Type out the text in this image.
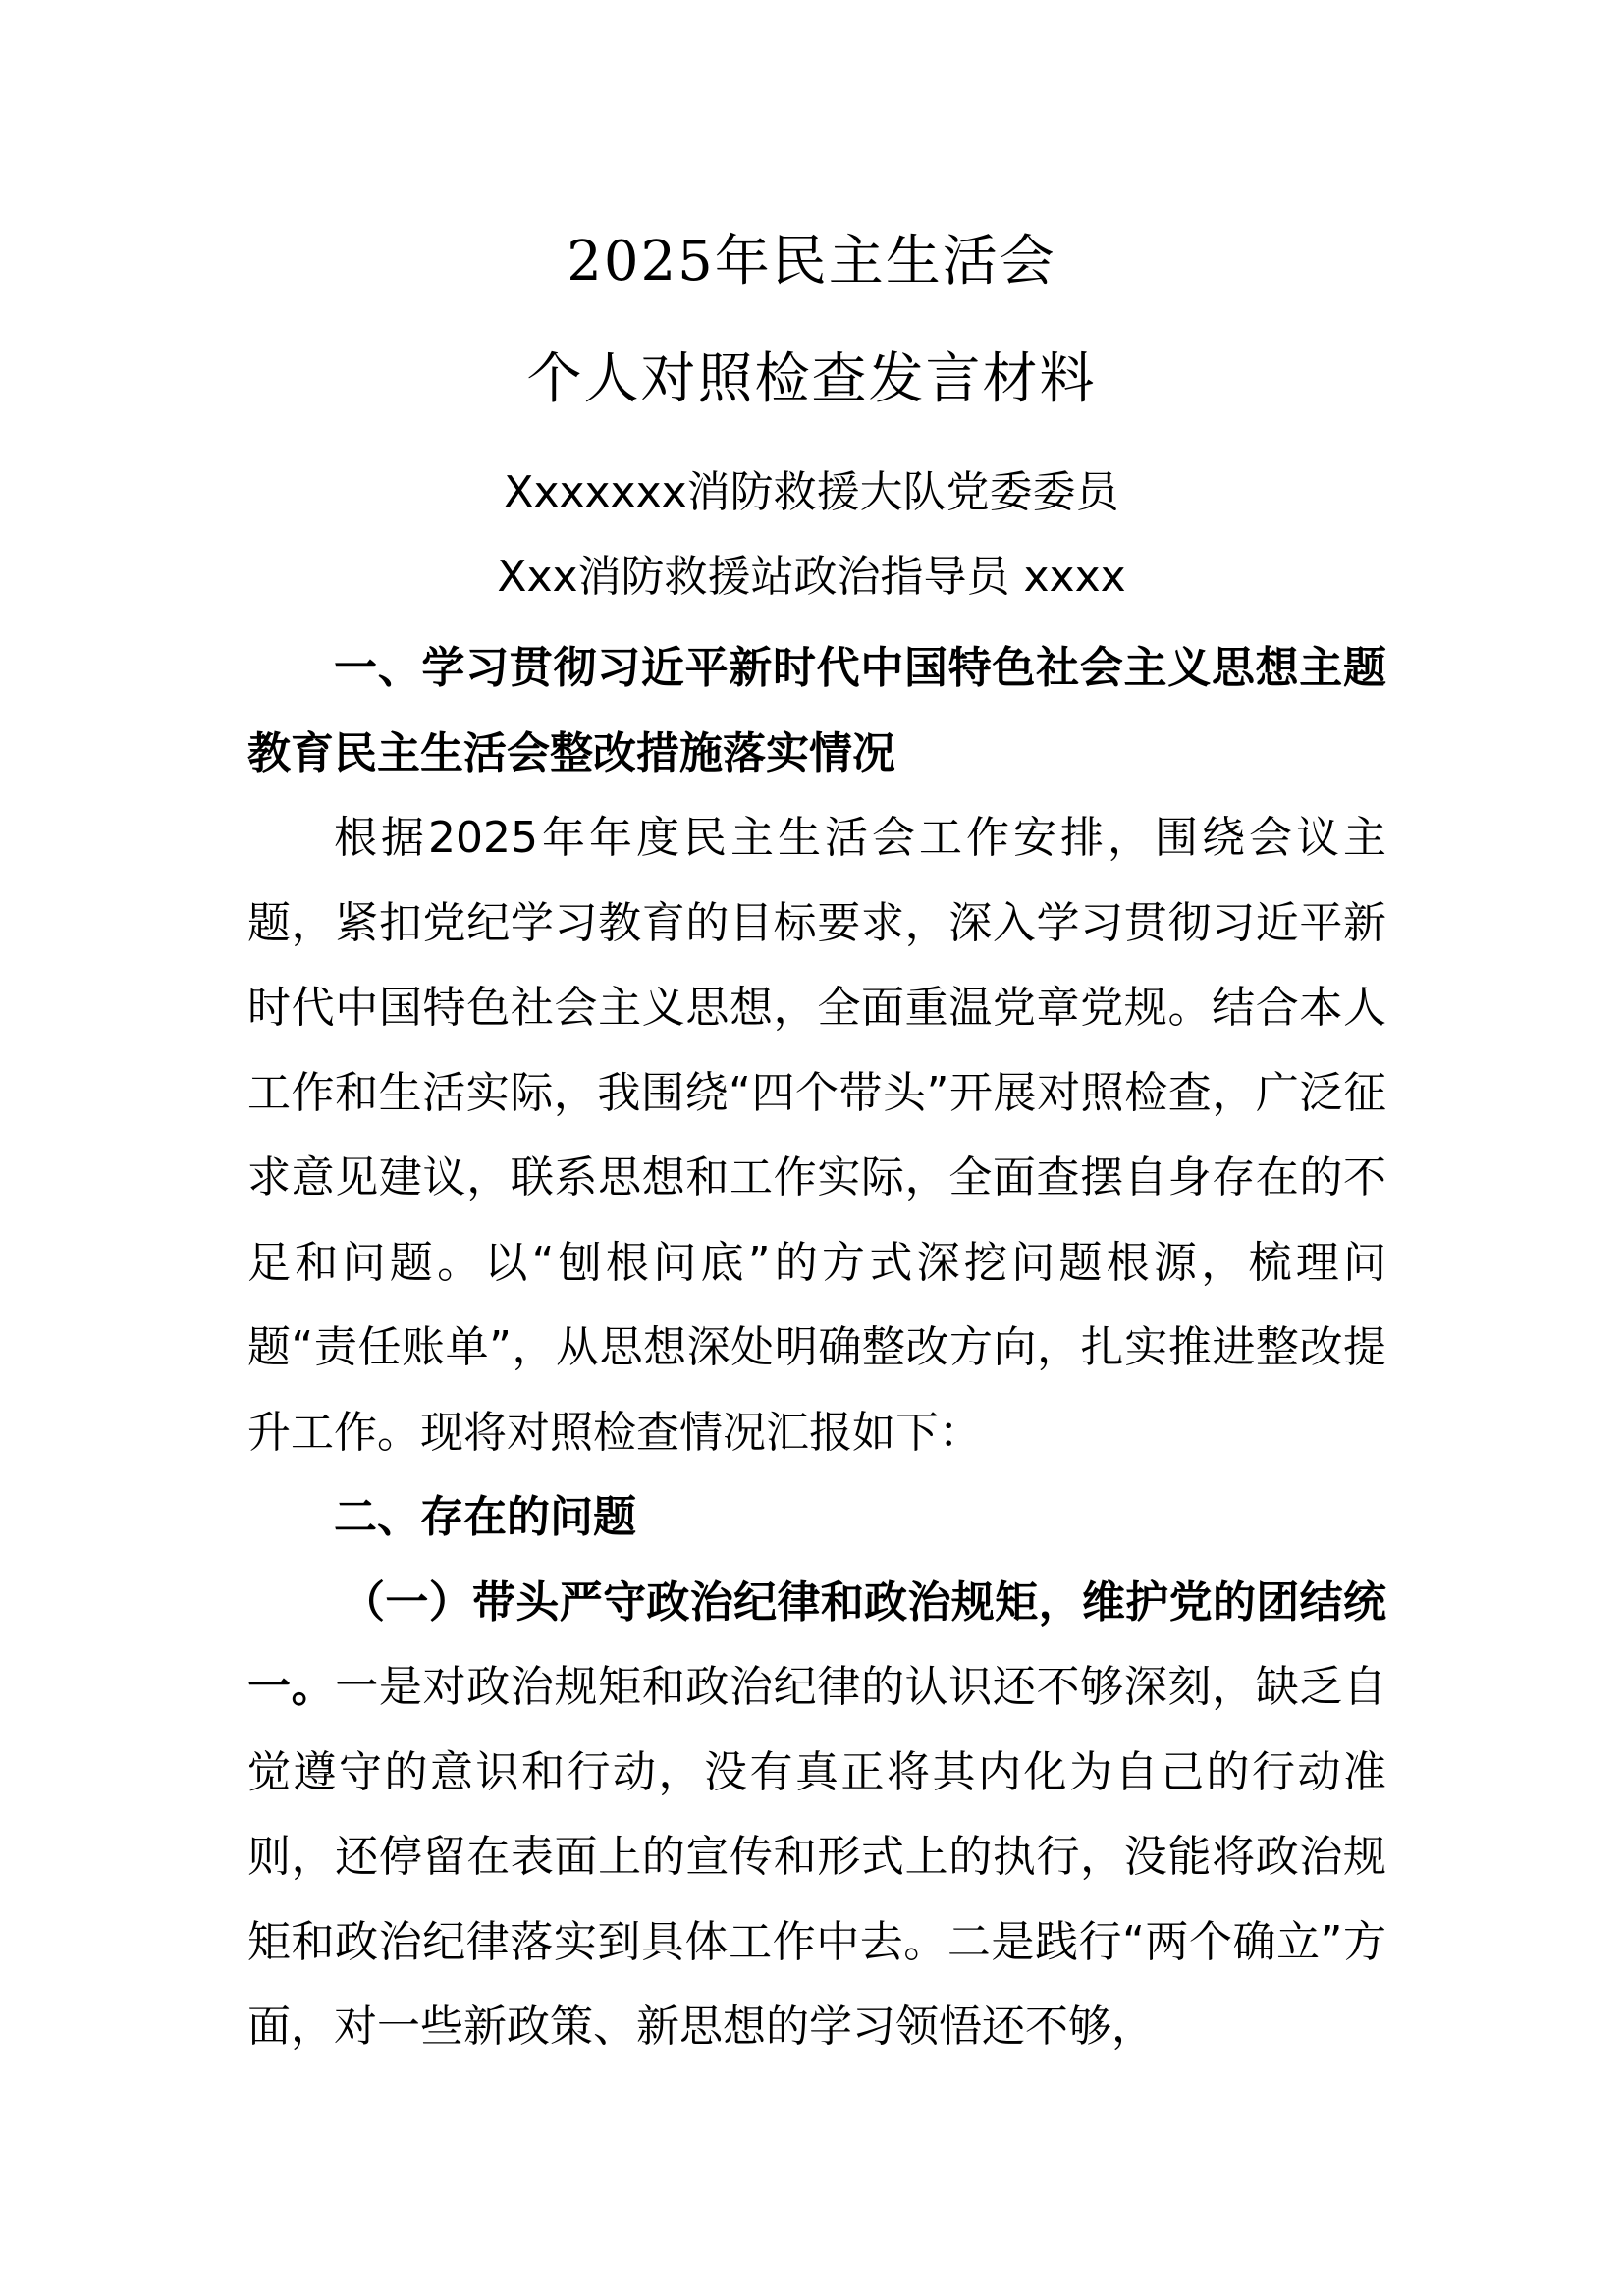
2025年民主生活会
个人对照检查发言材料

Xxxxxxx消防救援大队党委委员

Xxx消防救援站政治指导员 xxxx

一、学习贯彻习近平新时代中国特色社会主义思想主题教育民主生活会整改措施落实情况

根据2025年年度民主生活会工作安排，围绕会议主题，紧扣党纪学习教育的目标要求，深入学习贯彻习近平新时代中国特色社会主义思想，全面重温党章党规。结合本人工作和生活实际，我围绕“四个带头”开展对照检查，广泛征求意见建议，联系思想和工作实际，全面查摆自身存在的不足和问题。以“刨根问底”的方式深挖问题根源，梳理问题“责任账单”，从思想深处明确整改方向，扎实推进整改提升工作。现将对照检查情况汇报如下：

二、存在的问题

（一）带头严守政治纪律和政治规矩，维护党的团结统一。一是对政治规矩和政治纪律的认识还不够深刻，缺乏自觉遵守的意识和行动，没有真正将其内化为自己的行动准则，还停留在表面上的宣传和形式上的执行，没能将政治规矩和政治纪律落实到具体工作中去。二是践行“两个确立”方面，对一些新政策、新思想的学习领悟还不够，
